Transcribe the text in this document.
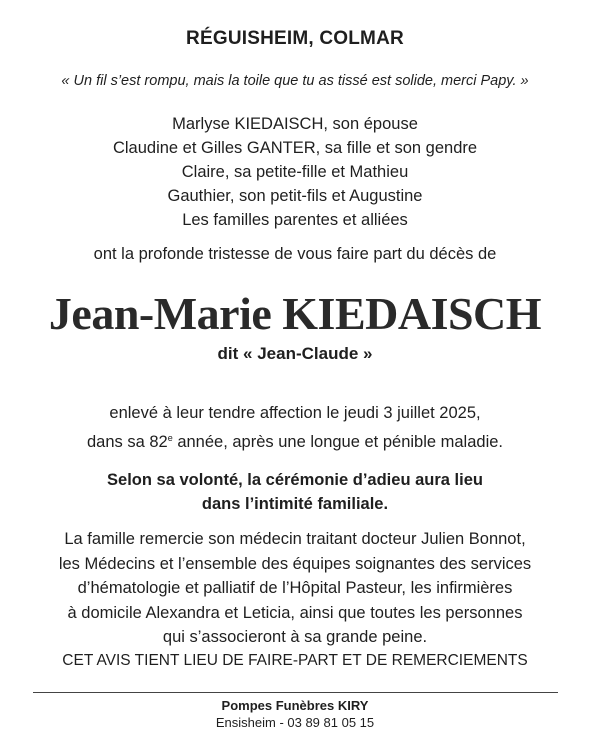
RÉGUISHEIM, COLMAR
« Un fil s’est rompu, mais la toile que tu as tissé est solide, merci Papy. »
Marlyse KIEDAISCH, son épouse
Claudine et Gilles GANTER, sa fille et son gendre
Claire, sa petite-fille et Mathieu
Gauthier, son petit-fils et Augustine
Les familles parentes et alliées
ont la profonde tristesse de vous faire part du décès de
Jean-Marie KIEDAISCH
dit « Jean-Claude »
enlevé à leur tendre affection le jeudi 3 juillet 2025,
dans sa 82e année, après une longue et pénible maladie.
Selon sa volonté, la cérémonie d’adieu aura lieu
dans l’intimité familiale.
La famille remercie son médecin traitant docteur Julien Bonnot,
les Médecins et l’ensemble des équipes soignantes des services
d’hématologie et palliatif de l’Hôpital Pasteur, les infirmières
à domicile Alexandra et Leticia, ainsi que toutes les personnes
qui s’associeront à sa grande peine.
CET AVIS TIENT LIEU DE FAIRE-PART ET DE REMERCIEMENTS
Pompes Funèbres KIRY
Ensisheim - 03 89 81 05 15
